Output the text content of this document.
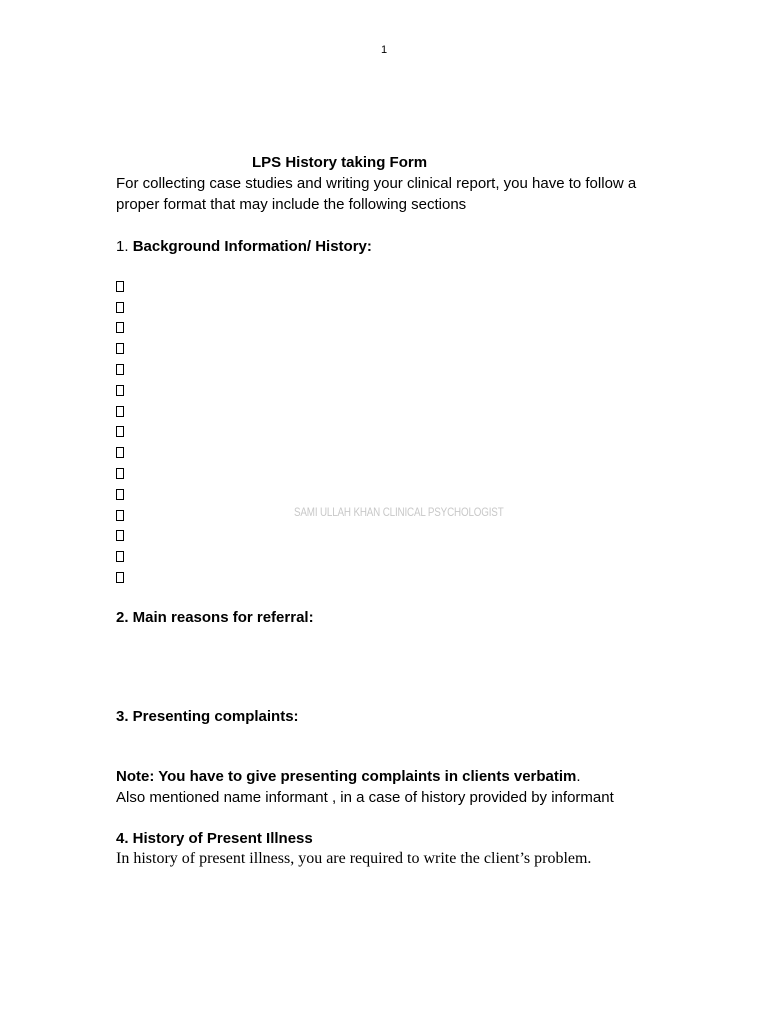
1
SAMI ULLAH KHAN CLINICAL PSYCHOLOGIST

LPS History taking Form

For collecting case studies and writing your clinical report, you have to follow a proper format that may include the following sections

1. Background Information/ History:

2. Main reasons for referral:

3. Presenting complaints:

Note: You have to give presenting complaints in clients verbatim.
Also mentioned name informant , in a case of history provided by informant

4. History of Present Illness

In history of present illness, you are required to write the client’s problem.
